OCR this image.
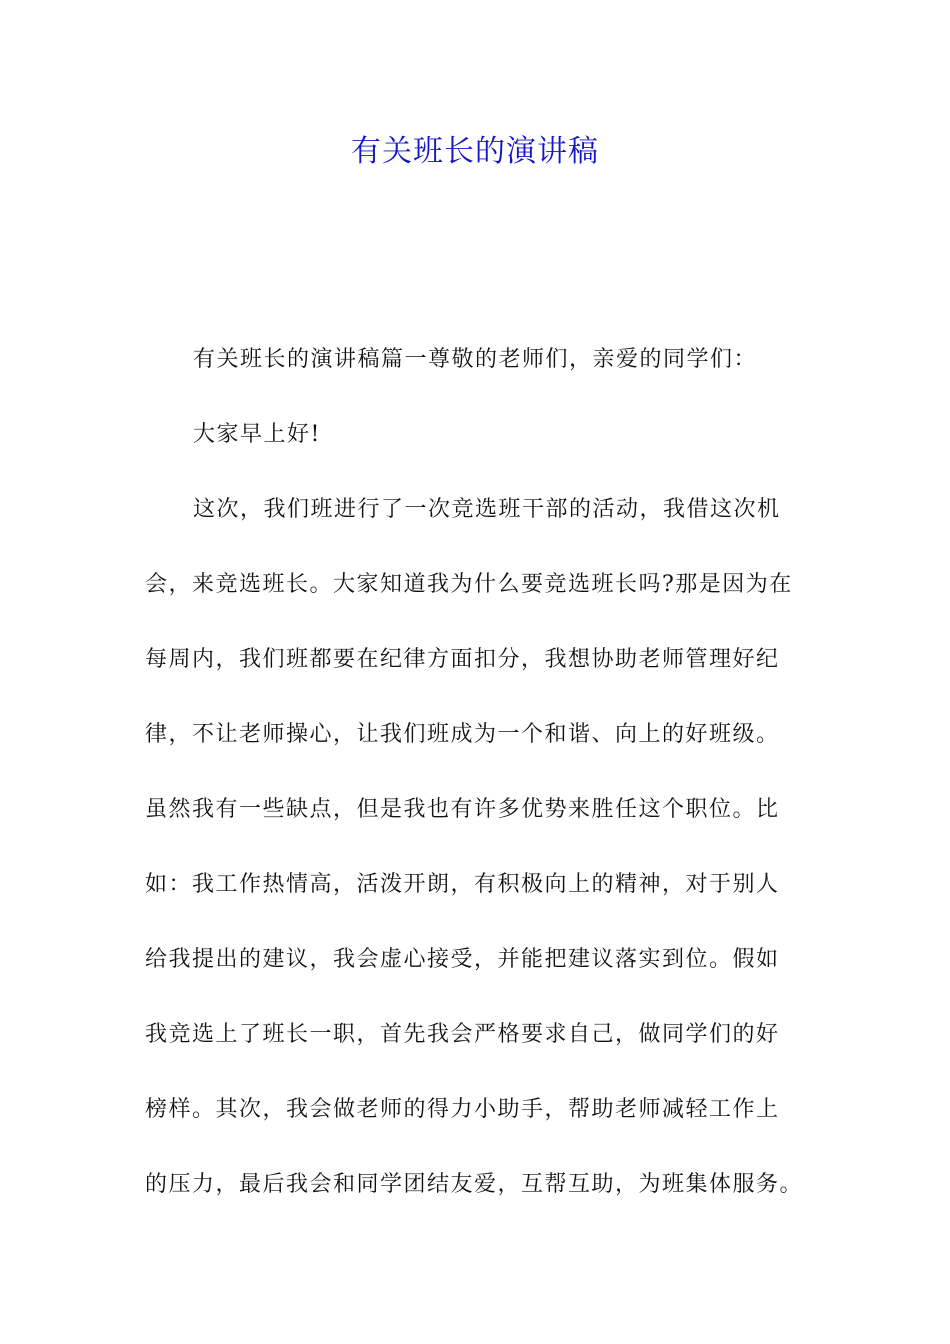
有关班长的演讲稿
有关班长的演讲稿篇一尊敬的老师们，亲爱的同学们：
大家早上好!
这次，我们班进行了一次竞选班干部的活动，我借这次机
会，来竞选班长。大家知道我为什么要竞选班长吗?那是因为在
每周内，我们班都要在纪律方面扣分，我想协助老师管理好纪
律，不让老师操心，让我们班成为一个和谐、向上的好班级。
虽然我有一些缺点，但是我也有许多优势来胜任这个职位。比
如：我工作热情高，活泼开朗，有积极向上的精神，对于别人
给我提出的建议，我会虚心接受，并能把建议落实到位。假如
我竞选上了班长一职，首先我会严格要求自己，做同学们的好
榜样。其次，我会做老师的得力小助手，帮助老师减轻工作上
的压力，最后我会和同学团结友爱，互帮互助，为班集体服务。
